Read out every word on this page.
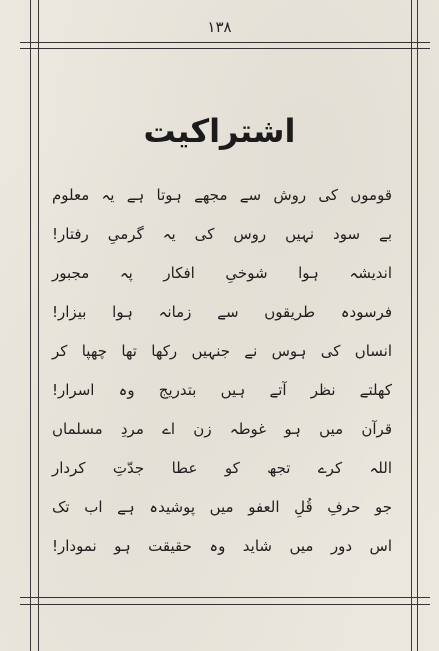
١٣٨
اشتراکیت
قوموں کی روش سے مجھے ہوتا ہے یہ معلوم
بے سود نہیں روس کی یہ گرمیِ رفتار!
اندیشہ ہوا شوخیِ افکار پہ مجبور
فرسودہ طریقوں سے زمانہ ہوا بیزار!
انساں کی ہوس نے جنہیں رکھا تھا چھپا کر
کھلتے نظر آتے ہیں بتدریج وہ اسرار!
قرآن میں ہو غوطہ زن اے مردِ مسلماں
اللہ کرے تجھ کو عطا جدّتِ کردار
جو حرفِ قُلِ العفو میں پوشیدہ ہے اب تک
اس دور میں شاید وہ حقیقت ہو نمودار!
